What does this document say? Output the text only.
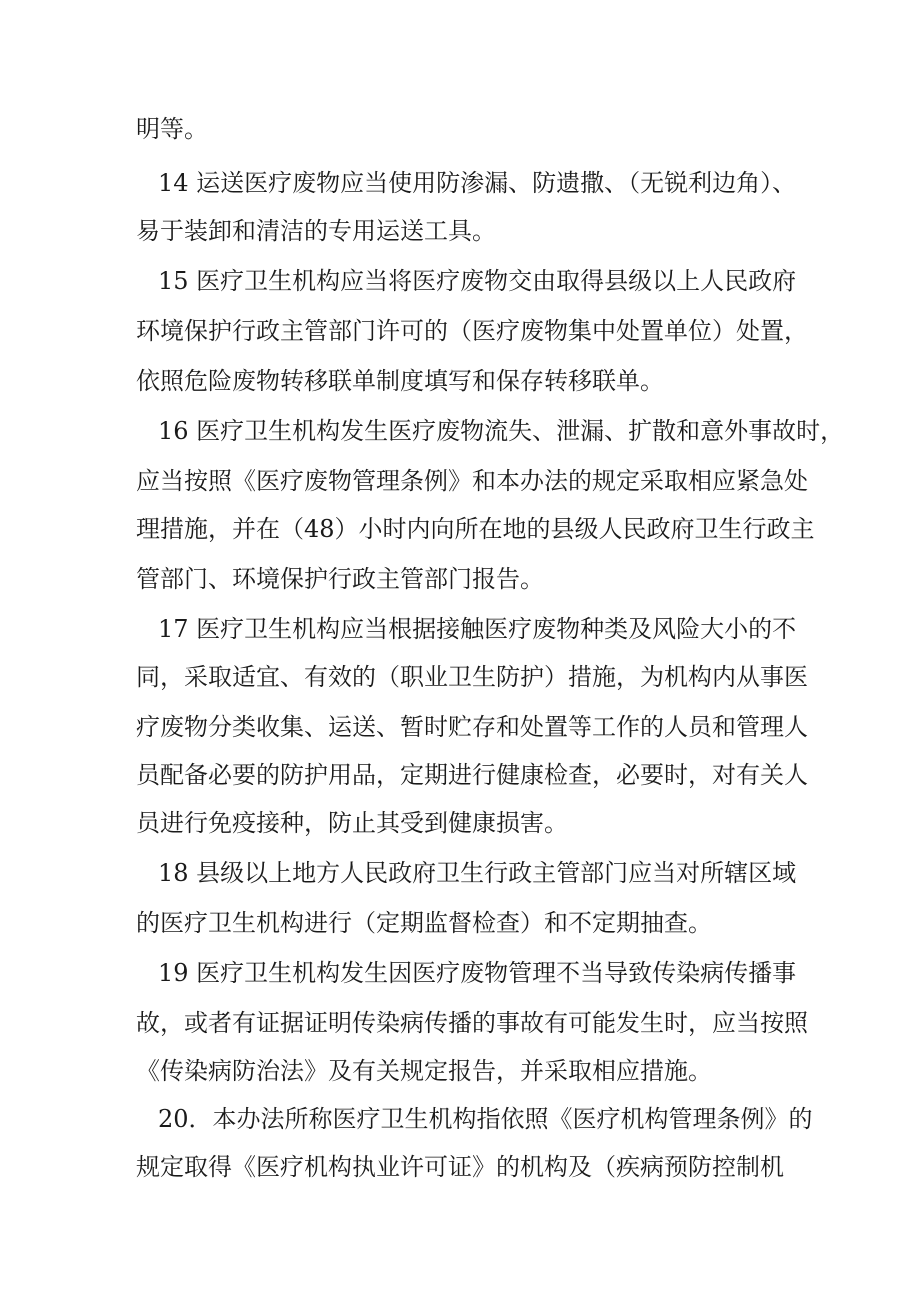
明等。
14 运送医疗废物应当使用防渗漏、防遗撒、（无锐利边角）、
易于装卸和清洁的专用运送工具。
15 医疗卫生机构应当将医疗废物交由取得县级以上人民政府
环境保护行政主管部门许可的（医疗废物集中处置单位）处置，
依照危险废物转移联单制度填写和保存转移联单。
16 医疗卫生机构发生医疗废物流失、泄漏、扩散和意外事故时，
应当按照《医疗废物管理条例》和本办法的规定采取相应紧急处
理措施，并在（48）小时内向所在地的县级人民政府卫生行政主
管部门、环境保护行政主管部门报告。
17 医疗卫生机构应当根据接触医疗废物种类及风险大小的不
同，采取适宜、有效的（职业卫生防护）措施，为机构内从事医
疗废物分类收集、运送、暂时贮存和处置等工作的人员和管理人
员配备必要的防护用品，定期进行健康检查，必要时，对有关人
员进行免疫接种，防止其受到健康损害。
18 县级以上地方人民政府卫生行政主管部门应当对所辖区域
的医疗卫生机构进行（定期监督检查）和不定期抽查。
19 医疗卫生机构发生因医疗废物管理不当导致传染病传播事
故，或者有证据证明传染病传播的事故有可能发生时，应当按照
《传染病防治法》及有关规定报告，并采取相应措施。
20．本办法所称医疗卫生机构指依照《医疗机构管理条例》的
规定取得《医疗机构执业许可证》的机构及（疾病预防控制机
